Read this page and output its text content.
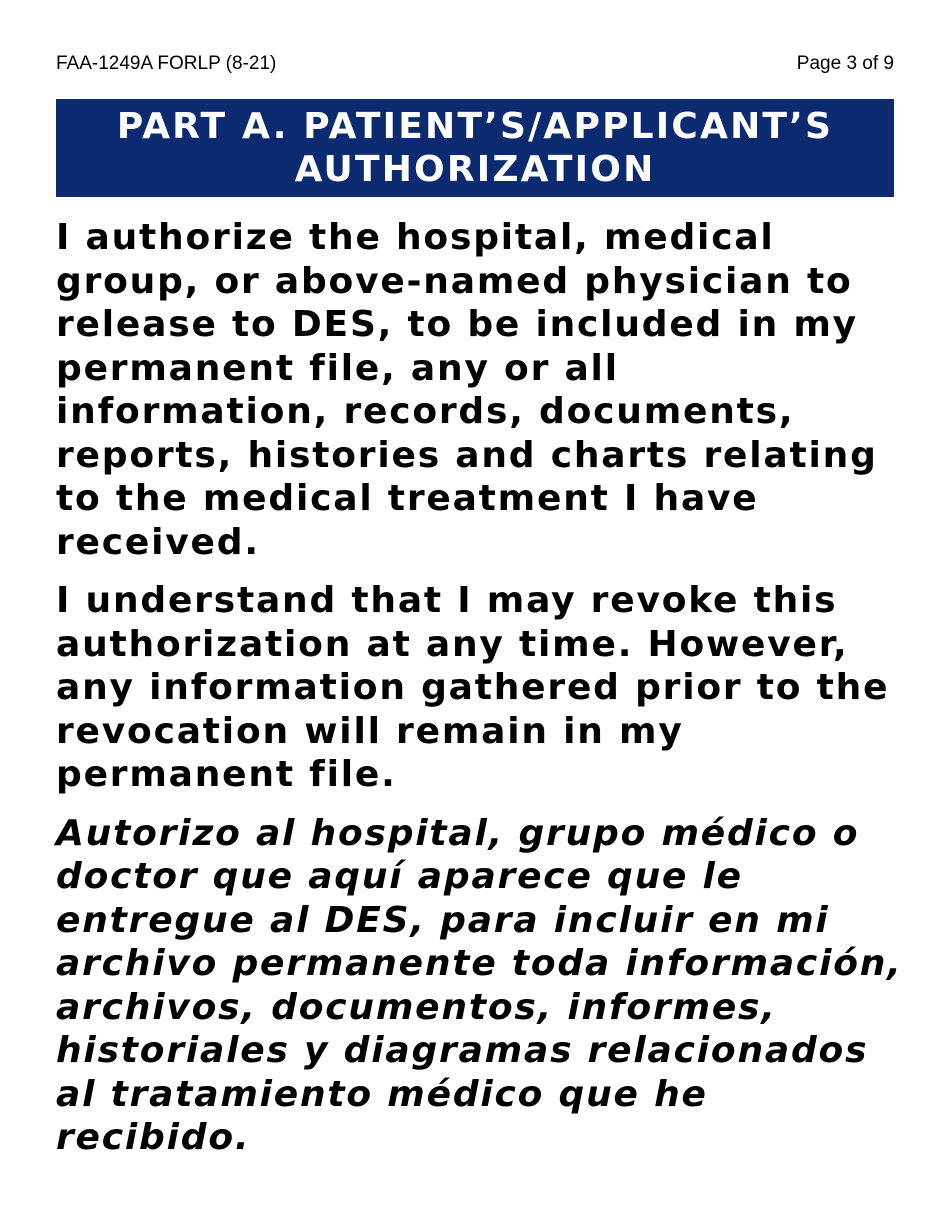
FAA-1249A FORLP (8-21)	Page 3 of 9
PART A. PATIENT’S/APPLICANT’S AUTHORIZATION

I authorize the hospital, medical group, or above-named physician to release to DES, to be included in my permanent file, any or all information, records, documents, reports, histories and charts relating to the medical treatment I have received.

I understand that I may revoke this authorization at any time. However, any information gathered prior to the revocation will remain in my permanent file.

Autorizo al hospital, grupo médico o doctor que aquí aparece que le entregue al DES, para incluir en mi archivo permanente toda información, archivos, documentos, informes, historiales y diagramas relacionados al tratamiento médico que he recibido.
